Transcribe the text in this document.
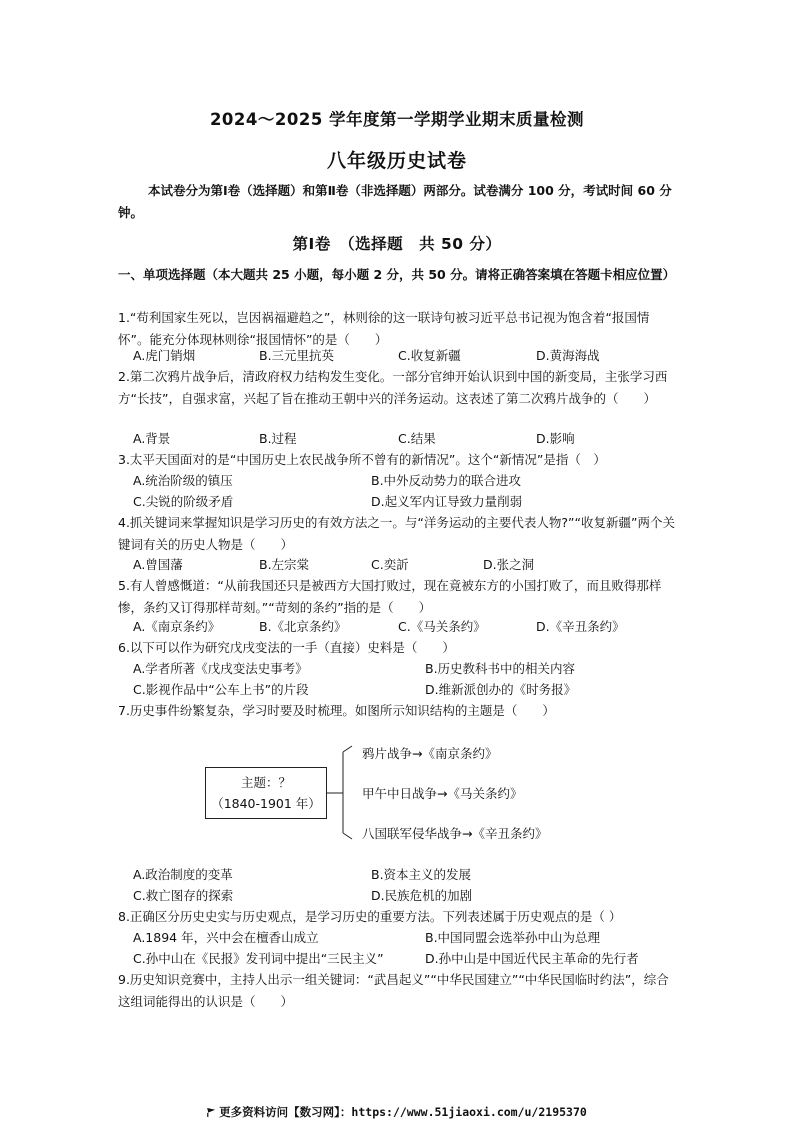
2024～2025 学年度第一学期学业期末质量检测
八年级历史试卷
本试卷分为第Ⅰ卷（选择题）和第Ⅱ卷（非选择题）两部分。试卷满分 100 分，考试时间 60 分钟。
第Ⅰ卷　（选择题　共 50 分）
一、单项选择题（本大题共 25 小题，每小题 2 分，共 50 分。请将正确答案填在答题卡相应位置）
1.“苟利国家生死以，岂因祸福避趋之”，林则徐的这一联诗句被习近平总书记视为饱含着“报国情怀”。能充分体现林则徐“报国情怀”的是（　　）
A.虎门销烟	B.三元里抗英	C.收复新疆	D.黄海海战
2.第二次鸦片战争后，清政府权力结构发生变化。一部分官绅开始认识到中国的新变局，主张学习西方“长技”，自强求富，兴起了旨在推动王朝中兴的洋务运动。这表述了第二次鸦片战争的（　　）
A.背景	B.过程	C.结果	D.影响
3.太平天国面对的是“中国历史上农民战争所不曾有的新情况”。这个“新情况”是指（　）
A.统治阶级的镇压	B.中外反动势力的联合进攻
C.尖锐的阶级矛盾	D.起义军内讧导致力量削弱
4.抓关键词来掌握知识是学习历史的有效方法之一。与“洋务运动的主要代表人物?”“收复新疆”两个关键词有关的历史人物是（　　）
A.曾国藩	B.左宗棠	C.奕訢	D.张之洞
5.有人曾感慨道：“从前我国还只是被西方大国打败过，现在竟被东方的小国打败了，而且败得那样惨，条约又订得那样苛刻。”“苛刻的条约”指的是（　　）
A.《南京条约》	B.《北京条约》	C.《马关条约》	D.《辛丑条约》
6.以下可以作为研究戊戌变法的一手（直接）史料是（　　）
A.学者所著《戊戌变法史事考》	B.历史教科书中的相关内容
C.影视作品中“公车上书”的片段	D.维新派创办的《时务报》
7.历史事件纷繁复杂，学习时要及时梳理。如图所示知识结构的主题是（　　）
主题：？
（1840-1901 年）
鸦片战争→《南京条约》
甲午中日战争→《马关条约》
八国联军侵华战争→《辛丑条约》
A.政治制度的变革	B.资本主义的发展
C.救亡图存的探索	D.民族危机的加剧
8.正确区分历史史实与历史观点，是学习历史的重要方法。下列表述属于历史观点的是（ ）
A.1894 年，兴中会在檀香山成立	B.中国同盟会选举孙中山为总理
C.孙中山在《民报》发刊词中提出“三民主义”	D.孙中山是中国近代民主革命的先行者
9.历史知识竞赛中，主持人出示一组关键词：“武昌起义”“中华民国建立”“中华民国临时约法”，综合这组词能得出的认识是（　　）
更多资料访问【数习网】：https://www.51jiaoxi.com/u/2195370
